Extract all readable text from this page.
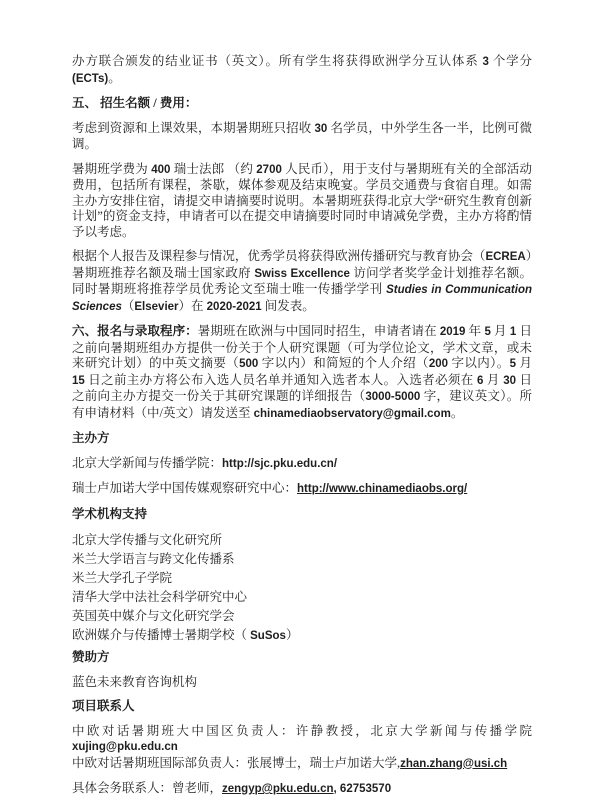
办方联合颁发的结业证书（英文）。所有学生将获得欧洲学分互认体系 3 个学分(ECTs)。

五、 招生名额 / 费用：

考虑到资源和上课效果，本期暑期班只招收 30 名学员，中外学生各一半，比例可微调。

暑期班学费为 400 瑞士法郎 （约 2700 人民币），用于支付与暑期班有关的全部活动费用，包括所有课程，茶歇，媒体参观及结束晚宴。学员交通费与食宿自理。如需主办方安排住宿，请提交申请摘要时说明。本暑期班获得北京大学“研究生教育创新计划”的资金支持，申请者可以在提交申请摘要时同时申请减免学费，主办方将酌情予以考虑。

根据个人报告及课程参与情况，优秀学员将获得欧洲传播研究与教育协会（ECREA）暑期班推荐名额及瑞士国家政府 Swiss Excellence 访问学者奖学金计划推荐名额。同时暑期班将推荐学员优秀论文至瑞士唯一传播学学刊 Studies in Communication Sciences（Elsevier）在 2020-2021 间发表。

六、报名与录取程序：暑期班在欧洲与中国同时招生，申请者请在 2019 年 5 月 1 日之前向暑期班组办方提供一份关于个人研究课题（可为学位论文，学术文章，或未来研究计划）的中英文摘要（500 字以内）和简短的个人介绍（200 字以内）。5 月 15 日之前主办方将公布入选人员名单并通知入选者本人。入选者必须在 6 月 30 日之前向主办方提交一份关于其研究课题的详细报告（3000-5000 字，建议英文）。所有申请材料（中/英文）请发送至 chinamediaobservatory@gmail.com。

主办方

北京大学新闻与传播学院：http://sjc.pku.edu.cn/

瑞士卢加诺大学中国传媒观察研究中心：http://www.chinamediaobs.org/

学术机构支持

北京大学传播与文化研究所

米兰大学语言与跨文化传播系

米兰大学孔子学院

清华大学中法社会科学研究中心

英国英中媒介与文化研究学会

欧洲媒介与传播博士暑期学校（ SuSos）

赞助方

蓝色未来教育咨询机构

项目联系人

中欧对话暑期班大中国区负责人：许静教授，北京大学新闻与传播学院 xujing@pku.edu.cn

中欧对话暑期班国际部负责人：张展博士，瑞士卢加诺大学,zhan.zhang@usi.ch

具体会务联系人：曾老师，zengyp@pku.edu.cn, 62753570
